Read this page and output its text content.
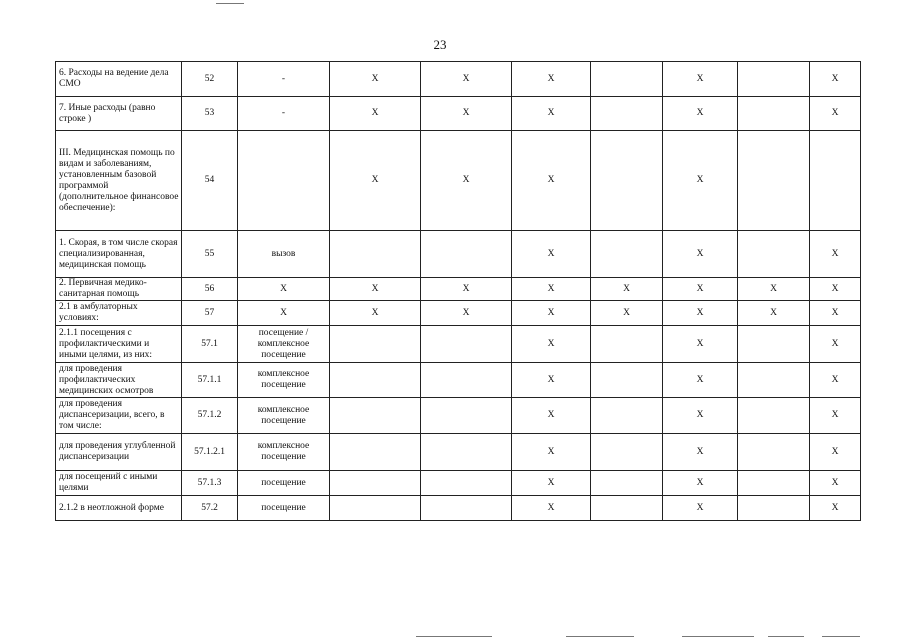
23
6. Расходы на ведение дела СМО	52	-	X	X	X		X		X
7. Иные расходы (равно строке )	53	-	X	X	X		X		X
III. Медицинская помощь по видам и заболеваниям, установленным базовой программой (дополнительное финансовое обеспечение):	54		X	X	X		X		
1. Скорая, в том числе скорая специализированная, медицинская помощь	55	вызов			X		X		X
2. Первичная медико-санитарная помощь	56	X	X	X	X	X	X	X	X
2.1 в амбулаторных условиях:	57	X	X	X	X	X	X	X	X
2.1.1 посещения с профилактическими и иными целями, из них:	57.1	посещение / комплексное посещение			X		X		X
для проведения профилактических медицинских осмотров	57.1.1	комплексное посещение			X		X		X
для проведения диспансеризации, всего, в том числе:	57.1.2	комплексное посещение			X		X		X
для проведения углубленной диспансеризации	57.1.2.1	комплексное посещение			X		X		X
для посещений с иными целями	57.1.3	посещение			X		X		X
2.1.2 в неотложной форме	57.2	посещение			X		X		X
